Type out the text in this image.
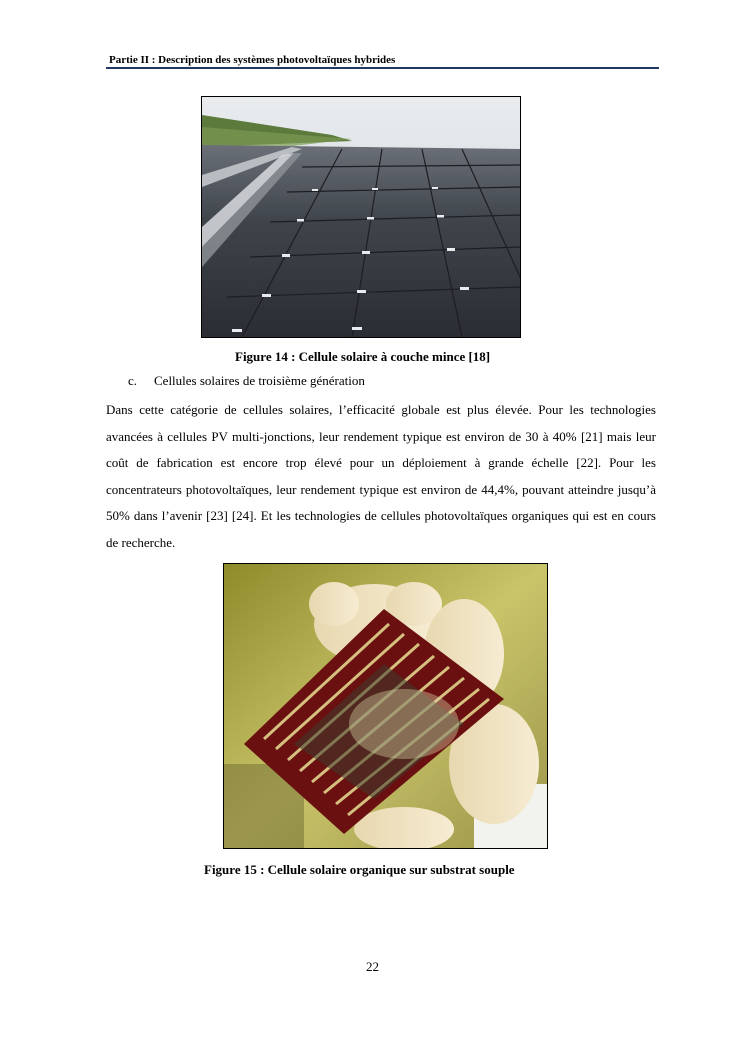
Partie II : Description des systèmes photovoltaïques hybrides
Figure 14 : Cellule solaire à couche mince [18]
c. Cellules solaires de troisième génération
Dans cette catégorie de cellules solaires, l’efficacité globale est plus élevée. Pour les technologies avancées à cellules PV multi-jonctions, leur rendement typique est environ de 30 à 40% [21] mais leur coût de fabrication est encore trop élevé pour un déploiement à grande échelle [22]. Pour les concentrateurs photovoltaïques, leur rendement typique est environ de 44,4%, pouvant atteindre jusqu’à 50% dans l’avenir [23] [24]. Et les technologies de cellules photovoltaïques organiques qui est en cours de recherche.
Figure 15 : Cellule solaire organique sur substrat souple
22
